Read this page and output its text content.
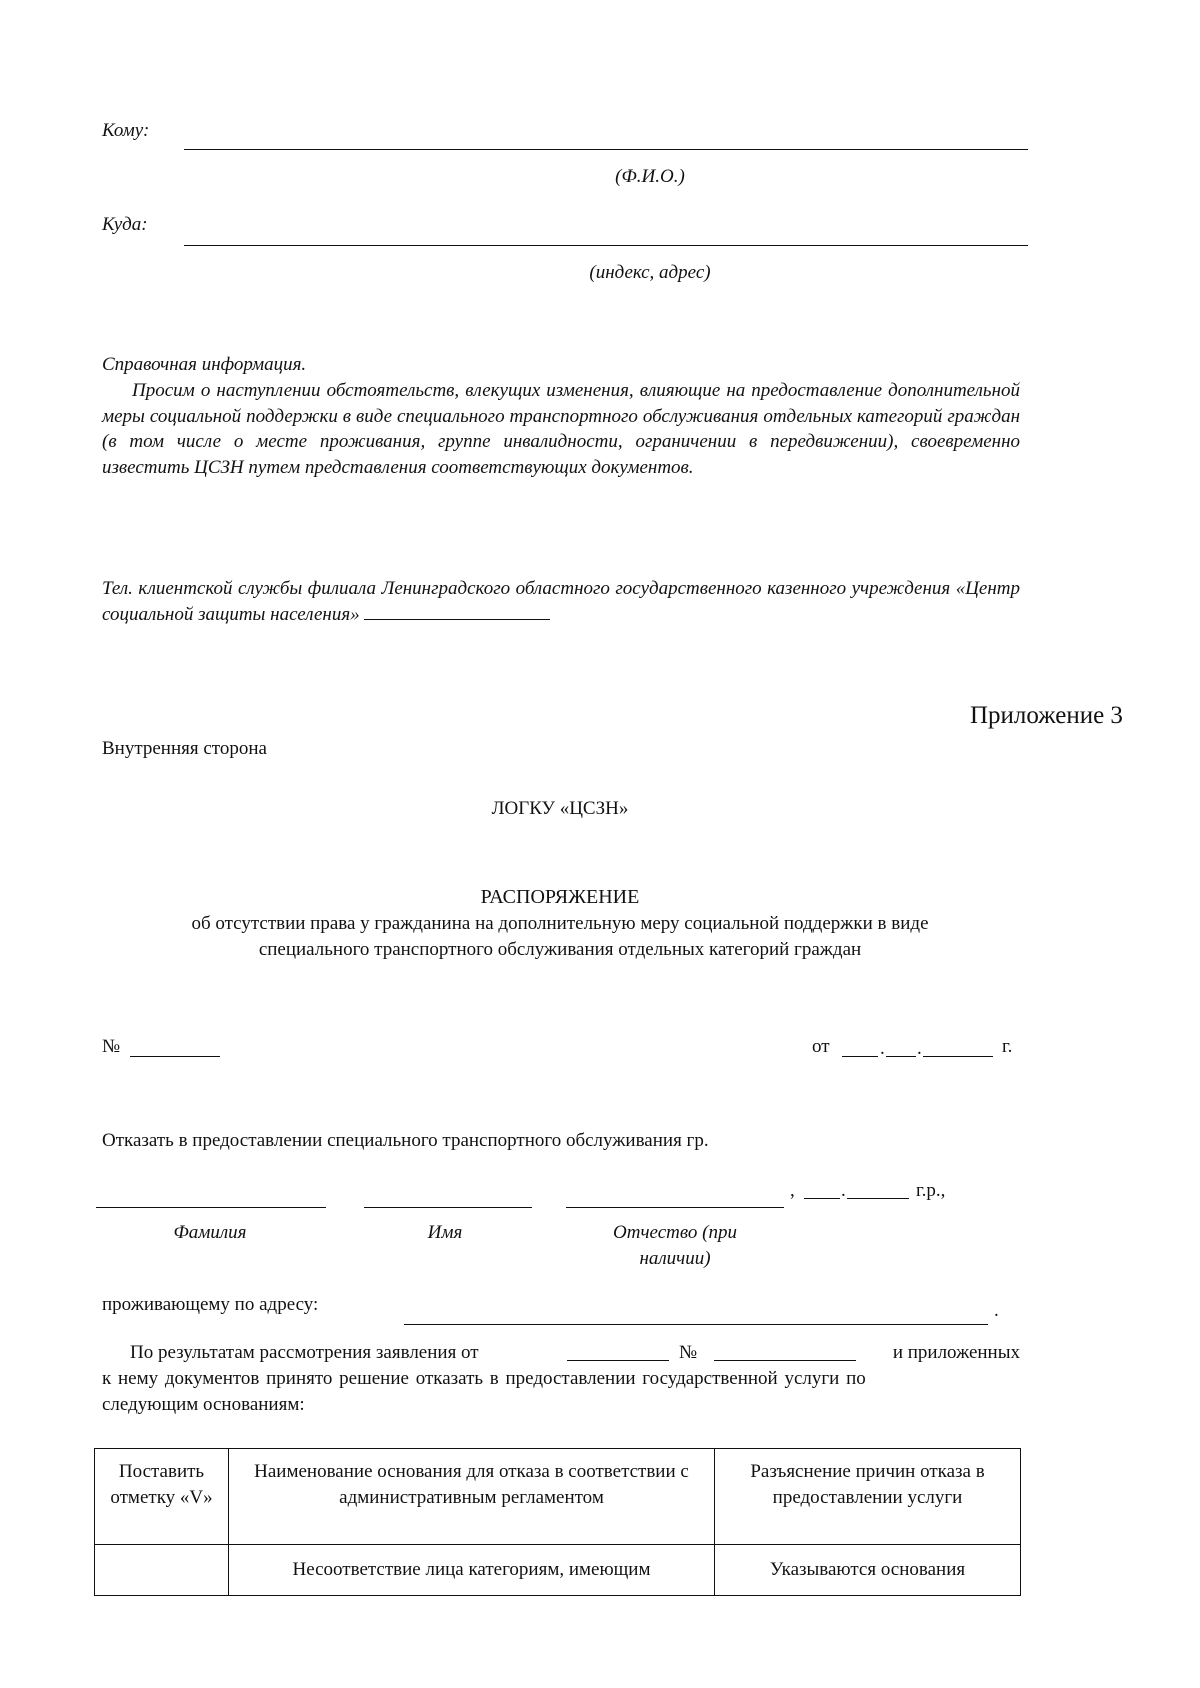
Кому:
(Ф.И.О.)
Куда:
(индекс, адрес)
Справочная информация.
Просим о наступлении обстоятельств, влекущих изменения, влияющие на предоставление дополнительной меры социальной поддержки в виде специального транспортного обслуживания отдельных категорий граждан (в том числе о месте проживания, группе инвалидности, ограничении в передвижении), своевременно известить ЦСЗН путем представления соответствующих документов.
Тел. клиентской службы филиала Ленинградского областного государственного казенного учреждения «Центр социальной защиты населения»
Приложение 3
Внутренняя сторона
ЛОГКУ «ЦСЗН»
РАСПОРЯЖЕНИЕ
об отсутствии права у гражданина на дополнительную меру социальной поддержки в виде
специального транспортного обслуживания отдельных категорий граждан
№	от	. .	г.
Отказать в предоставлении специального транспортного обслуживания гр.
, .	г.р.,
Фамилия	Имя	Отчество (при
наличии)
проживающему по адресу:	.
По результатам рассмотрения заявления от	№	и приложенных
к нему документов принято решение отказать в предоставлении государственной услуги по
следующим основаниям:
Поставить отметку «V»	Наименование основания для отказа в соответствии с административным регламентом	Разъяснение причин отказа в предоставлении услуги
	Несоответствие лица категориям, имеющим	Указываются основания
